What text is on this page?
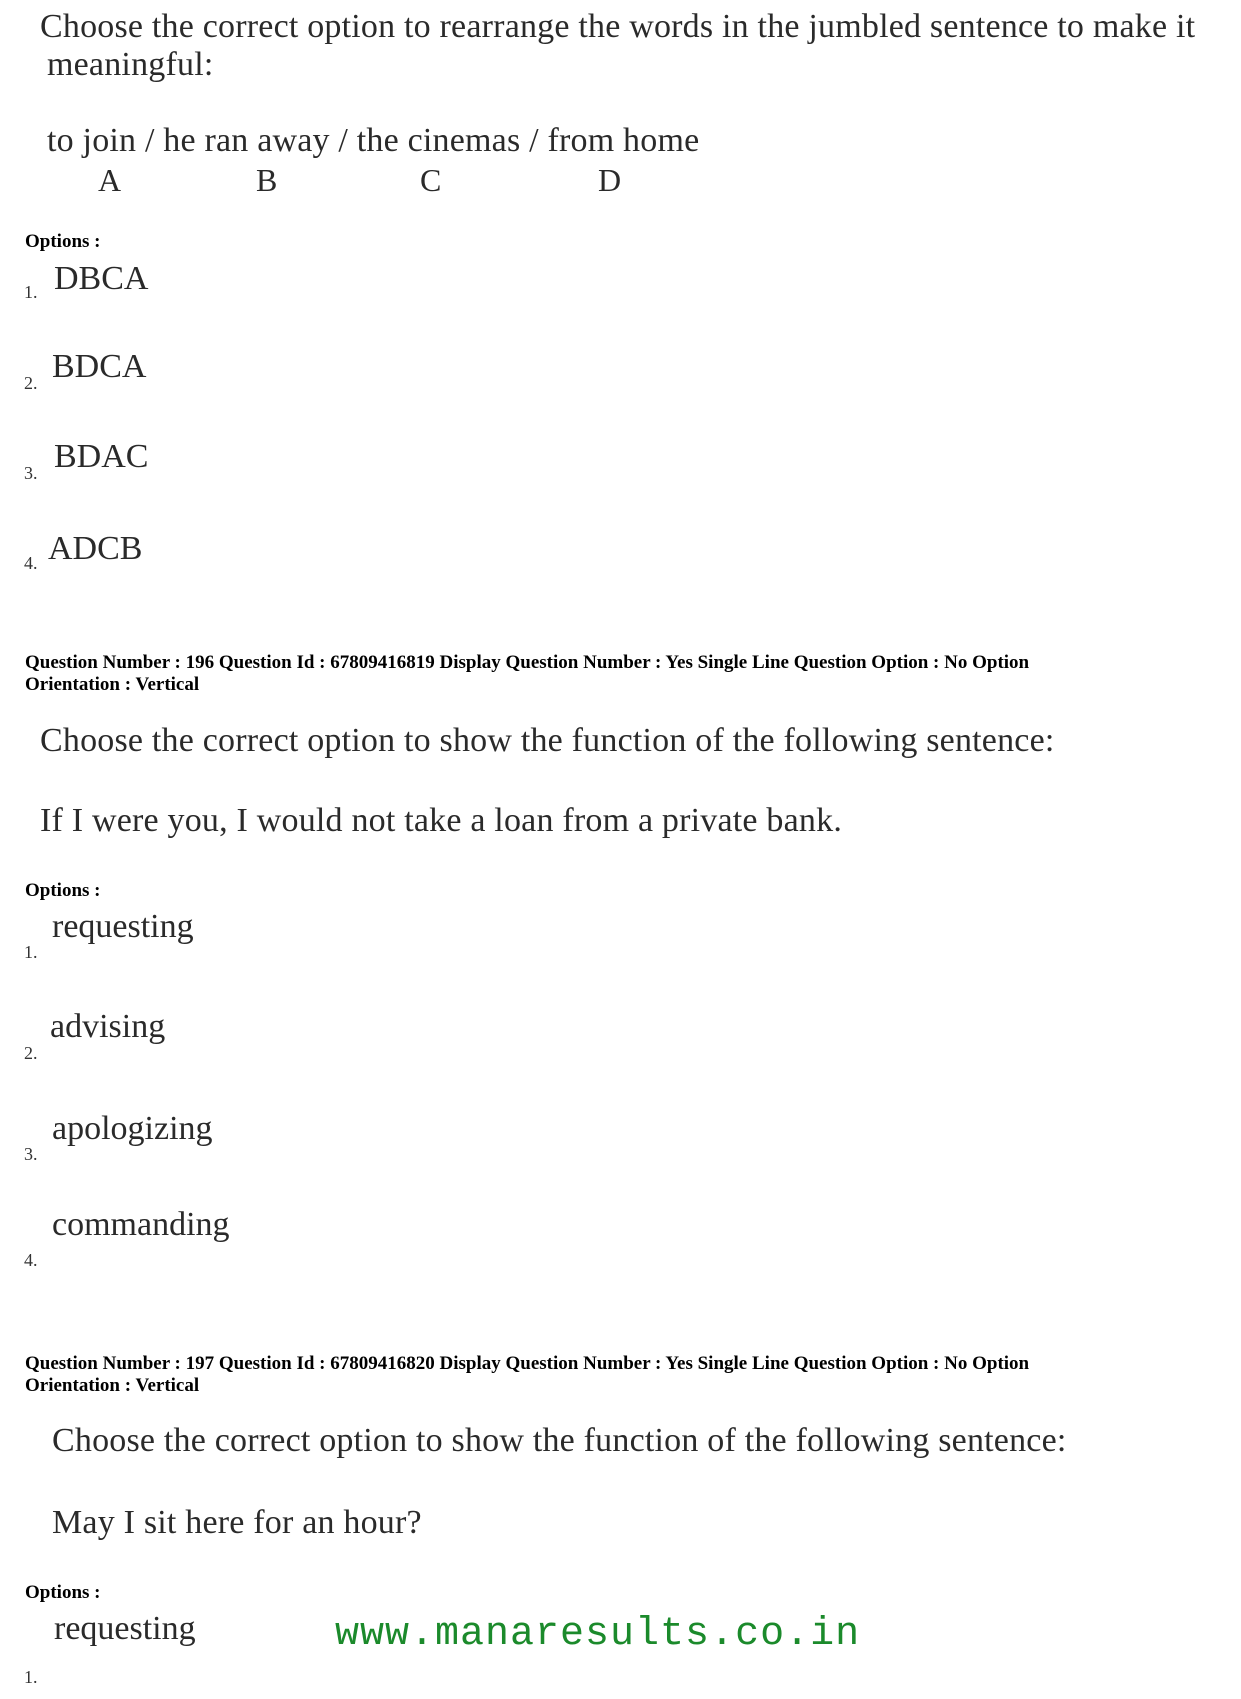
Choose the correct option to rearrange the words in the jumbled sentence to make it
meaningful:
to join / he ran away / the cinemas / from home
A	B	C	D
Options :
1. DBCA
2. BDCA
3. BDAC
4. ADCB
Question Number : 196 Question Id : 67809416819 Display Question Number : Yes Single Line Question Option : No Option
Orientation : Vertical
Choose the correct option to show the function of the following sentence:
If I were you, I would not take a loan from a private bank.
Options :
1.
requesting
2.
advising
3.
apologizing
4.
commanding
Question Number : 197 Question Id : 67809416820 Display Question Number : Yes Single Line Question Option : No Option
Orientation : Vertical
Choose the correct option to show the function of the following sentence:
May I sit here for an hour?
Options :
1.
requesting	www.manaresults.co.in
